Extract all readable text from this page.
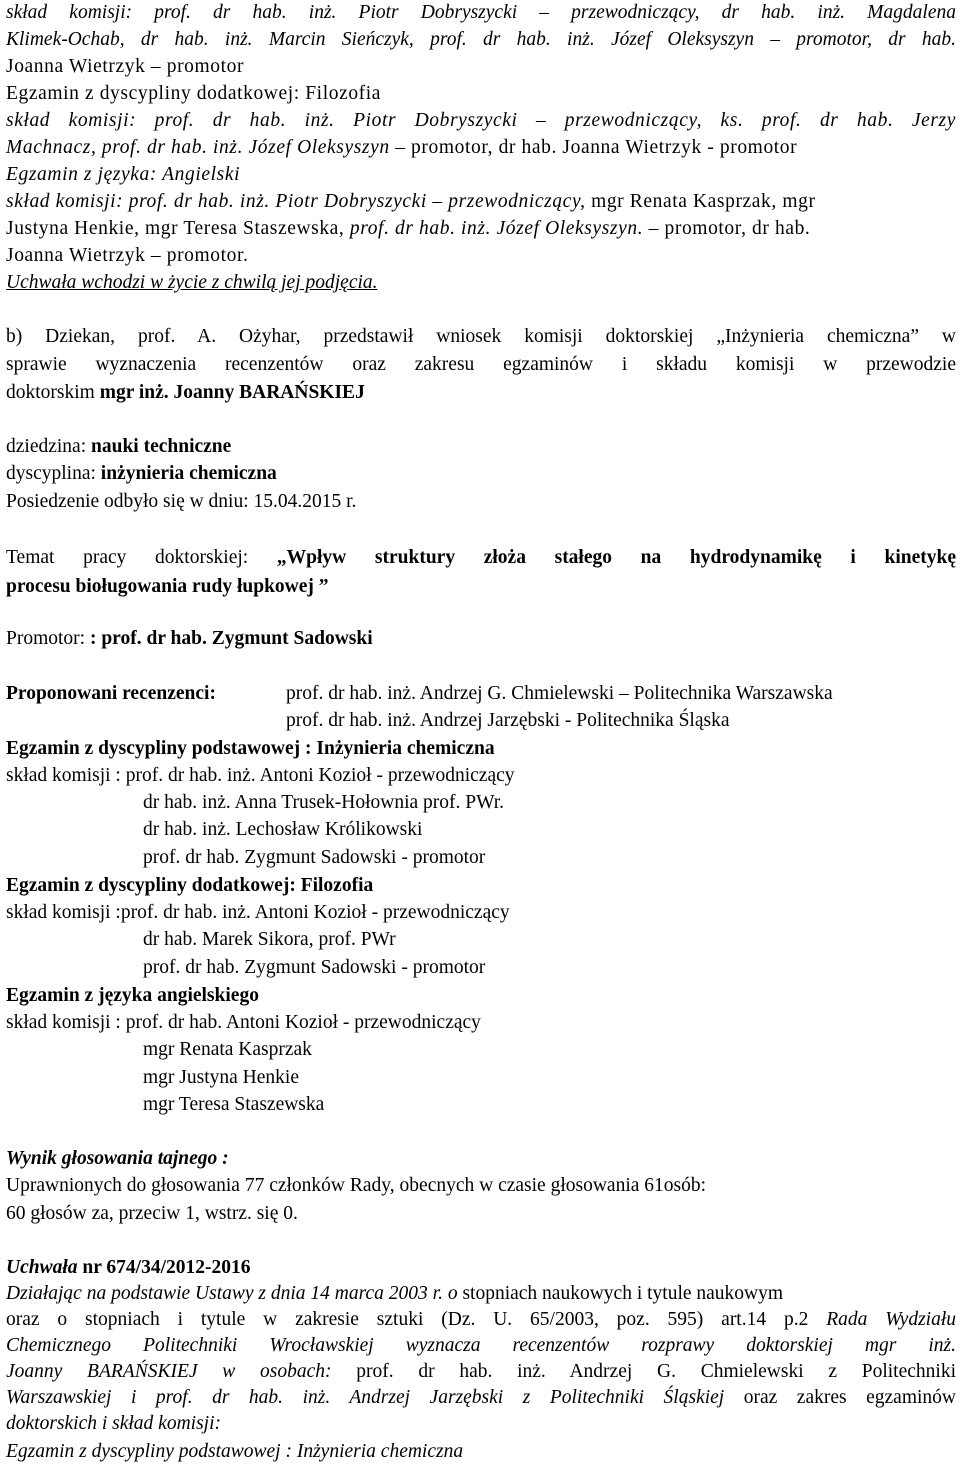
skład komisji: prof. dr hab. inż. Piotr Dobryszycki – przewodniczący, dr hab. inż. Magdalena
Klimek-Ochab, dr hab. inż. Marcin Sieńczyk, prof. dr hab. inż. Józef Oleksyszyn – promotor, dr hab.
Joanna Wietrzyk – promotor
Egzamin z dyscypliny dodatkowej: Filozofia
skład komisji: prof. dr hab. inż. Piotr Dobryszycki – przewodniczący, ks. prof. dr hab. Jerzy
Machnacz, prof. dr hab. inż. Józef Oleksyszyn – promotor, dr hab. Joanna Wietrzyk - promotor
Egzamin z języka: Angielski
skład komisji: prof. dr hab. inż. Piotr Dobryszycki – przewodniczący, mgr Renata Kasprzak, mgr
Justyna Henkie, mgr Teresa Staszewska, prof. dr hab. inż. Józef Oleksyszyn. – promotor, dr hab.
Joanna Wietrzyk – promotor.
Uchwała wchodzi w życie z chwilą jej podjęcia.
b) Dziekan, prof. A. Ożyhar, przedstawił wniosek komisji doktorskiej „Inżynieria chemiczna” w
sprawie wyznaczenia recenzentów oraz zakresu egzaminów i składu komisji w przewodzie
doktorskim mgr inż. Joanny BARAŃSKIEJ
dziedzina: nauki techniczne
dyscyplina: inżynieria chemiczna
Posiedzenie odbyło się w dniu: 15.04.2015 r.
Temat pracy doktorskiej: „Wpływ struktury złoża stałego na hydrodynamikę i kinetykę
procesu bioługowania rudy łupkowej ”
Promotor: : prof. dr hab. Zygmunt Sadowski
Proponowani recenzenci:	prof. dr hab. inż. Andrzej G. Chmielewski – Politechnika Warszawska
prof. dr hab. inż. Andrzej Jarzębski - Politechnika Śląska
Egzamin z dyscypliny podstawowej : Inżynieria chemiczna
skład komisji : prof. dr hab. inż. Antoni Kozioł - przewodniczący
dr hab. inż. Anna Trusek-Hołownia prof. PWr.
dr hab. inż. Lechosław Królikowski
prof. dr hab. Zygmunt Sadowski - promotor
Egzamin z dyscypliny dodatkowej: Filozofia
skład komisji :prof. dr hab. inż. Antoni Kozioł - przewodniczący
dr hab. Marek Sikora, prof. PWr
prof. dr hab. Zygmunt Sadowski - promotor
Egzamin z języka angielskiego
skład komisji : prof. dr hab. Antoni Kozioł - przewodniczący
mgr Renata Kasprzak
mgr Justyna Henkie
mgr Teresa Staszewska
Wynik głosowania tajnego :
Uprawnionych do głosowania 77 członków Rady, obecnych w czasie głosowania 61osób:
60 głosów za, przeciw 1, wstrz. się 0.
Uchwała nr 674/34/2012-2016
Działając na podstawie Ustawy z dnia 14 marca 2003 r. o stopniach naukowych i tytule naukowym
oraz o stopniach i tytule w zakresie sztuki (Dz. U. 65/2003, poz. 595) art.14 p.2 Rada Wydziału
Chemicznego Politechniki Wrocławskiej wyznacza recenzentów rozprawy doktorskiej mgr inż.
Joanny BARAŃSKIEJ w osobach: prof. dr hab. inż. Andrzej G. Chmielewski z Politechniki
Warszawskiej i prof. dr hab. inż. Andrzej Jarzębski z Politechniki Śląskiej oraz zakres egzaminów
doktorskich i skład komisji:
Egzamin z dyscypliny podstawowej : Inżynieria chemiczna
